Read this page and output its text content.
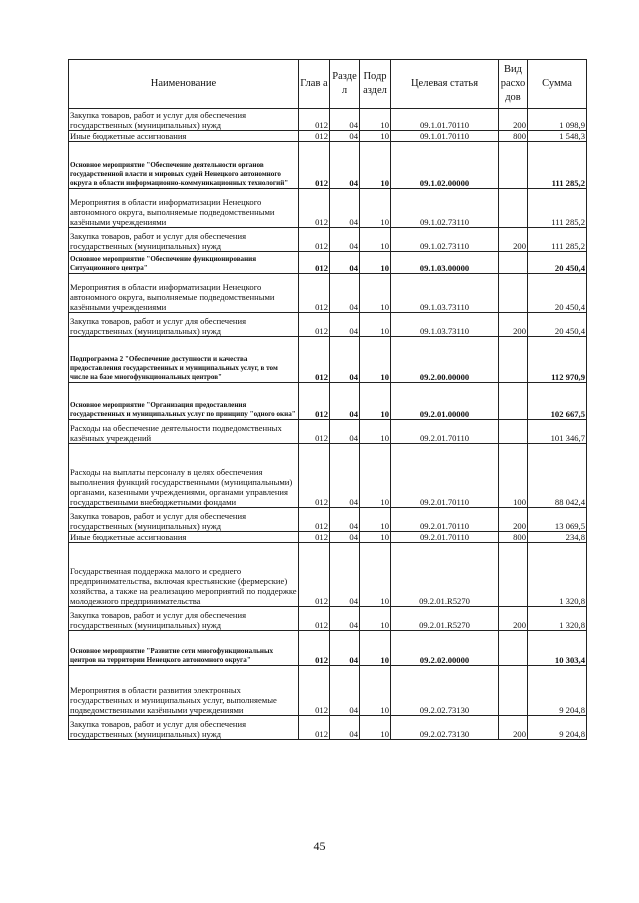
Наименование	Глав а	Разде л	Подр аздел	Целевая статья	Вид расхо дов	Сумма
Закупка товаров, работ и услуг для обеспечения государственных (муниципальных) нужд	012	04	10	09.1.01.70110	200	1 098,9
Иные бюджетные ассигнования	012	04	10	09.1.01.70110	800	1 548,3
Основное мероприятие "Обеспечение деятельности органов государственной власти и мировых судей Ненецкого автономного округа в области информационно-коммуникационных технологий"	012	04	10	09.1.02.00000		111 285,2
Мероприятия в области информатизации Ненецкого автономного округа, выполняемые подведомственными казёнными учреждениями	012	04	10	09.1.02.73110		111 285,2
Закупка товаров, работ и услуг для обеспечения государственных (муниципальных) нужд	012	04	10	09.1.02.73110	200	111 285,2
Основное мероприятие "Обеспечение функционирования Ситуационного центра"	012	04	10	09.1.03.00000		20 450,4
Мероприятия в области информатизации Ненецкого автономного округа, выполняемые подведомственными казёнными учреждениями	012	04	10	09.1.03.73110		20 450,4
Закупка товаров, работ и услуг для обеспечения государственных (муниципальных) нужд	012	04	10	09.1.03.73110	200	20 450,4
Подпрограмма 2 "Обеспечение доступности и качества предоставления государственных и муниципальных услуг, в том числе на базе многофункциональных центров"	012	04	10	09.2.00.00000		112 970,9
Основное мероприятие "Организация предоставления государственных и муниципальных услуг по принципу "одного окна"	012	04	10	09.2.01.00000		102 667,5
Расходы на обеспечение деятельности подведомственных казённых учреждений	012	04	10	09.2.01.70110		101 346,7
Расходы на выплаты персоналу в целях обеспечения выполнения функций государственными (муниципальными) органами, казенными учреждениями, органами управления государственными внебюджетными фондами	012	04	10	09.2.01.70110	100	88 042,4
Закупка товаров, работ и услуг для обеспечения государственных (муниципальных) нужд	012	04	10	09.2.01.70110	200	13 069,5
Иные бюджетные ассигнования	012	04	10	09.2.01.70110	800	234,8
Государственная поддержка малого и среднего предпринимательства, включая крестьянские (фермерские) хозяйства, а также на реализацию мероприятий по поддержке молодежного предпринимательства	012	04	10	09.2.01.R5270		1 320,8
Закупка товаров, работ и услуг для обеспечения государственных (муниципальных) нужд	012	04	10	09.2.01.R5270	200	1 320,8
Основное мероприятие "Развитие сети многофункциональных центров на территории Ненецкого автономного округа"	012	04	10	09.2.02.00000		10 303,4
Мероприятия в области развития электронных государственных и муниципальных услуг, выполняемые подведомственными казёнными учреждениями	012	04	10	09.2.02.73130		9 204,8
Закупка товаров, работ и услуг для обеспечения государственных (муниципальных) нужд	012	04	10	09.2.02.73130	200	9 204,8
45
